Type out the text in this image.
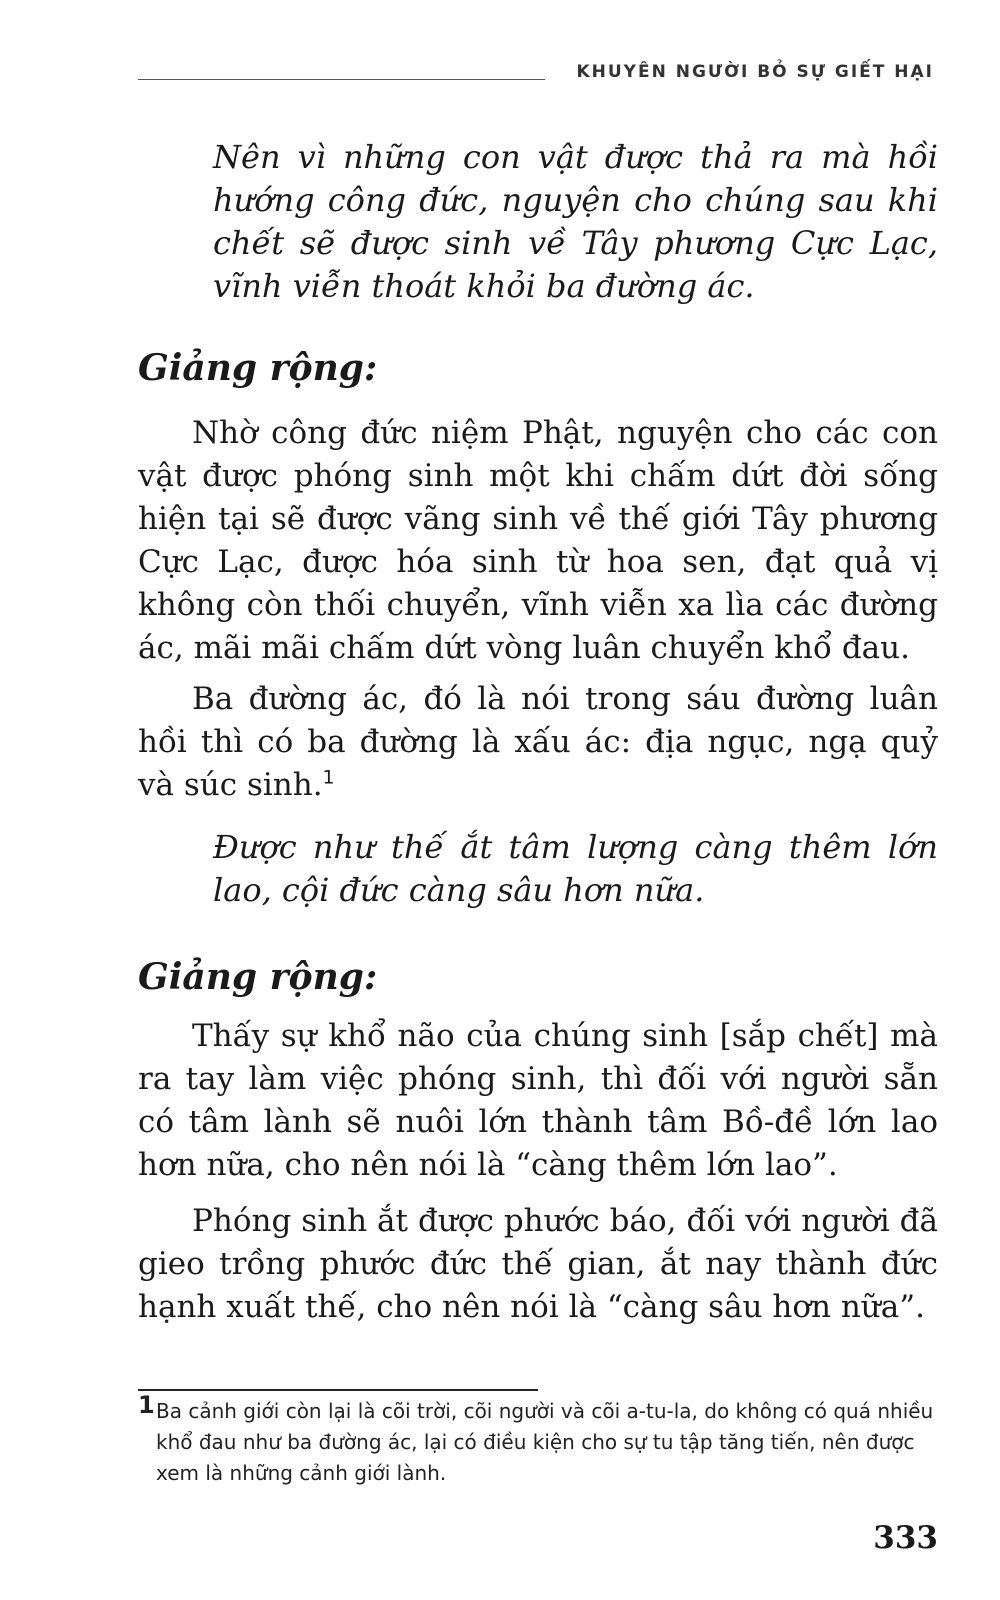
KHUYÊN NGƯỜI BỎ SỰ GIẾT HẠI

Nên vì những con vật được thả ra mà hồi hướng công đức, nguyện cho chúng sau khi chết sẽ được sinh về Tây phương Cực Lạc, vĩnh viễn thoát khỏi ba đường ác.

Giảng rộng:

Nhờ công đức niệm Phật, nguyện cho các con vật được phóng sinh một khi chấm dứt đời sống hiện tại sẽ được vãng sinh về thế giới Tây phương Cực Lạc, được hóa sinh từ hoa sen, đạt quả vị không còn thối chuyển, vĩnh viễn xa lìa các đường ác, mãi mãi chấm dứt vòng luân chuyển khổ đau.

Ba đường ác, đó là nói trong sáu đường luân hồi thì có ba đường là xấu ác: địa ngục, ngạ quỷ và súc sinh.$^1$

Được như thế ắt tâm lượng càng thêm lớn lao, cội đức càng sâu hơn nữa.

Giảng rộng:

Thấy sự khổ não của chúng sinh [sắp chết] mà ra tay làm việc phóng sinh, thì đối với người sẵn có tâm lành sẽ nuôi lớn thành tâm Bồ-đề lớn lao hơn nữa, cho nên nói là “càng thêm lớn lao”.

Phóng sinh ắt được phước báo, đối với người đã gieo trồng phước đức thế gian, ắt nay thành đức hạnh xuất thế, cho nên nói là “càng sâu hơn nữa”.

1 Ba cảnh giới còn lại là cõi trời, cõi người và cõi a-tu-la, do không có quá nhiều khổ đau như ba đường ác, lại có điều kiện cho sự tu tập tăng tiến, nên được xem là những cảnh giới lành.
333
